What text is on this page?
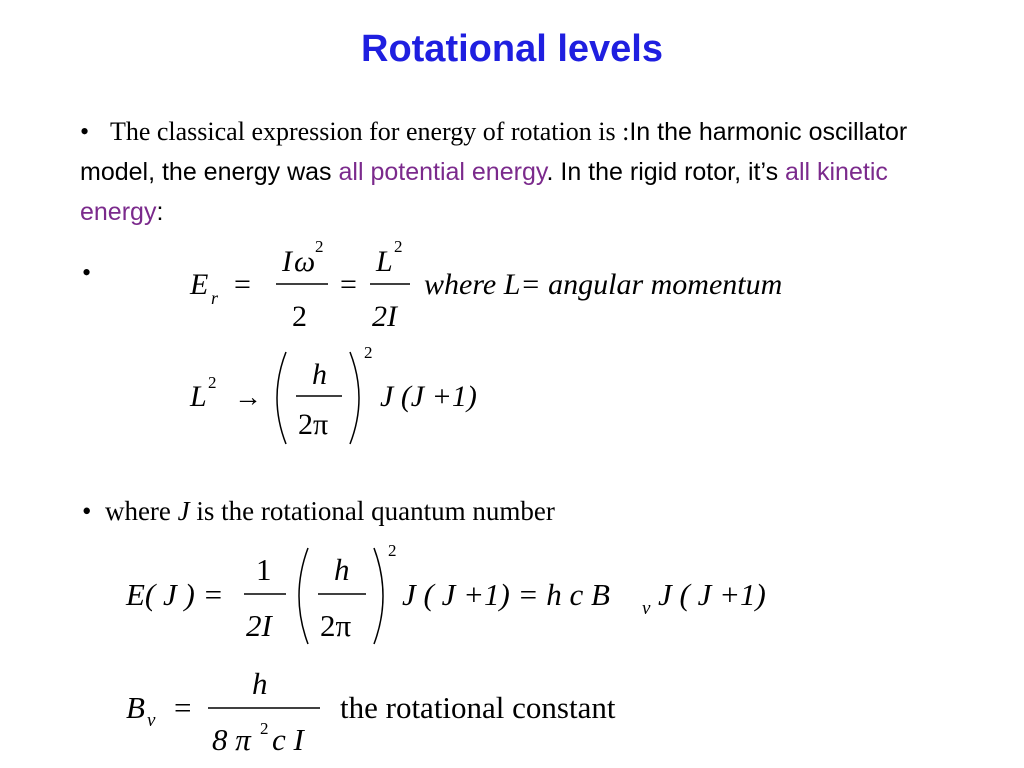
Rotational levels
• The classical expression for energy of rotation is :In the harmonic oscillator model, the energy was all potential energy. In the rigid rotor, it’s all kinetic energy:
•	E r =
I ω 2
2
=
L 2
2I
where L= angular momentum
L 2 →
h
2π
2
J (J +1)
• where J is the rotational quantum number
E( J ) =
1
2I
h
2π
2
J ( J +1) = h c B ν J ( J +1)
B ν =
h
8 π 2 c I
the rotational constant
